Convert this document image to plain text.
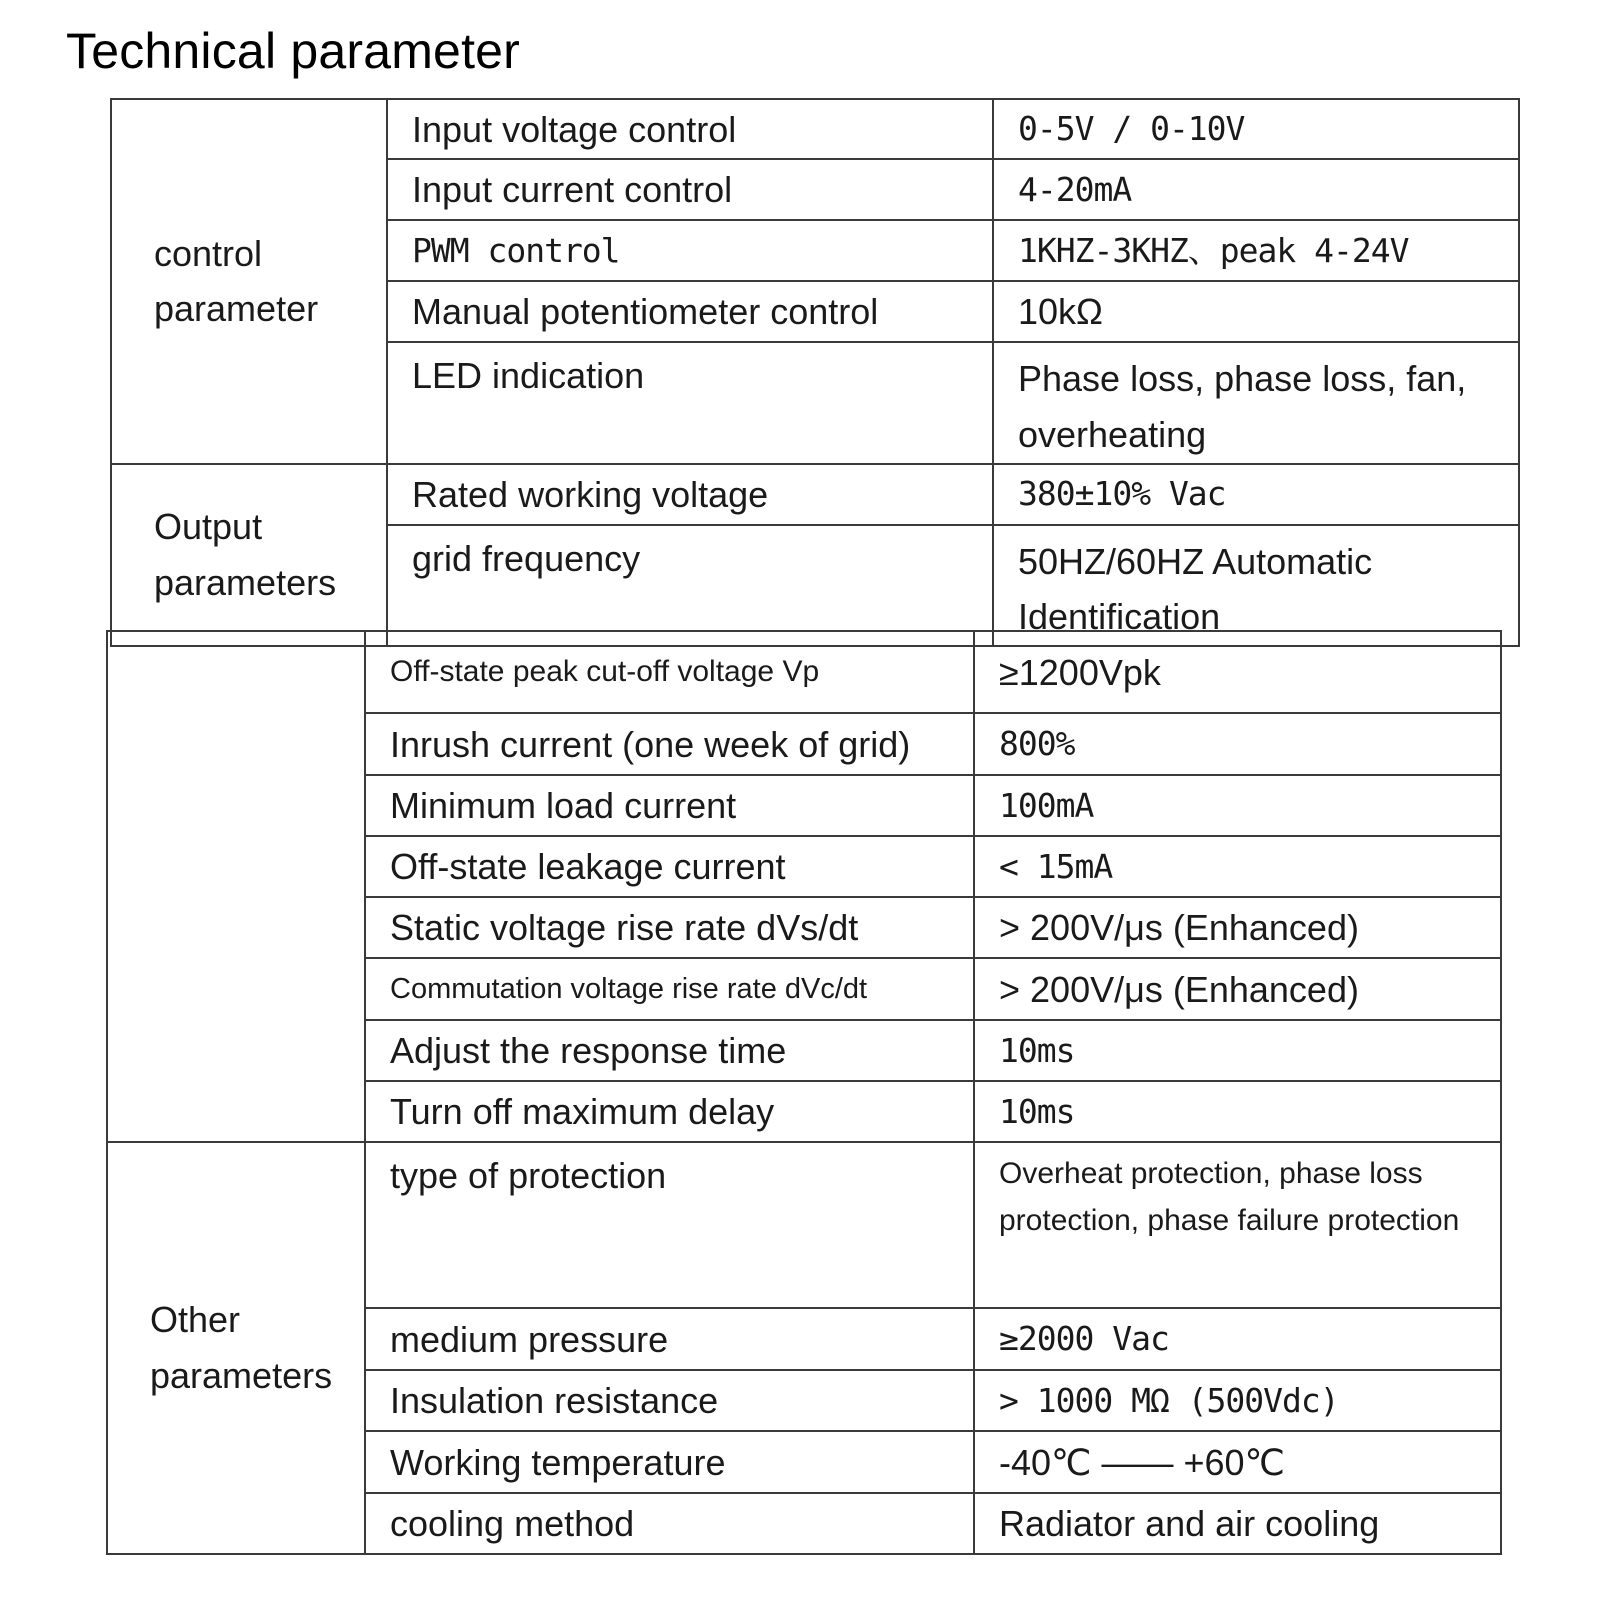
Technical parameter
control
parameter	Input voltage control	0-5V / 0-10V
	Input current control	4-20mA
	PWM control	1KHZ-3KHZ、peak 4-24V
	Manual potentiometer control	10kΩ
	LED indication	Phase loss, phase loss, fan, overheating
Output
parameters	Rated working voltage	380±10% Vac
	grid frequency	50HZ/60HZ Automatic Identification
	Off-state peak cut-off voltage Vp	≥1200Vpk
	Inrush current (one week of grid)	800%
	Minimum load current	100mA
	Off-state leakage current	< 15mA
	Static voltage rise rate dVs/dt	> 200V/μs (Enhanced)
	Commutation voltage rise rate dVc/dt	> 200V/μs (Enhanced)
	Adjust the response time	10ms
	Turn off maximum delay	10ms
Other
parameters	type of protection	Overheat protection, phase loss protection, phase failure protection
	medium pressure	≥2000 Vac
	Insulation resistance	> 1000 MΩ (500Vdc)
	Working temperature	-40℃ —— +60℃
	cooling method	Radiator and air cooling
